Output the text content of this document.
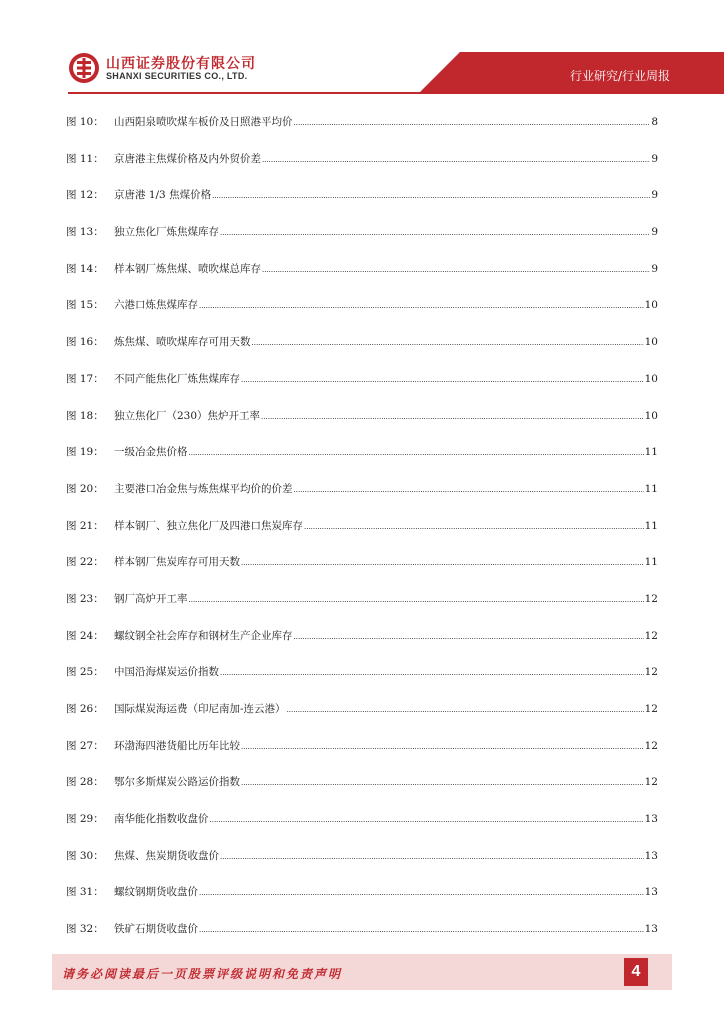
山西证券股份有限公司
SHANXI SECURITIES CO., LTD.	行业研究/行业周报
图 10： 山西阳泉喷吹煤车板价及日照港平均价 .....	8
图 11： 京唐港主焦煤价格及内外贸价差 .....	9
图 12： 京唐港 1/3 焦煤价格 .....	9
图 13： 独立焦化厂炼焦煤库存 .....	9
图 14： 样本钢厂炼焦煤、喷吹煤总库存 .....	9
图 15： 六港口炼焦煤库存 .....	10
图 16： 炼焦煤、喷吹煤库存可用天数 .....	10
图 17： 不同产能焦化厂炼焦煤库存 .....	10
图 18： 独立焦化厂（230）焦炉开工率 .....	10
图 19： 一级冶金焦价格 .....	11
图 20： 主要港口冶金焦与炼焦煤平均价的价差 .....	11
图 21： 样本钢厂、独立焦化厂及四港口焦炭库存 .....	11
图 22： 样本钢厂焦炭库存可用天数 .....	11
图 23： 钢厂高炉开工率 .....	12
图 24： 螺纹钢全社会库存和钢材生产企业库存 .....	12
图 25： 中国沿海煤炭运价指数 .....	12
图 26： 国际煤炭海运费（印尼南加-连云港） .....	12
图 27： 环渤海四港货船比历年比较 .....	12
图 28： 鄂尔多斯煤炭公路运价指数 .....	12
图 29： 南华能化指数收盘价 .....	13
图 30： 焦煤、焦炭期货收盘价 .....	13
图 31： 螺纹钢期货收盘价 .....	13
图 32： 铁矿石期货收盘价 .....	13
请务必阅读最后一页股票评级说明和免责声明	4
